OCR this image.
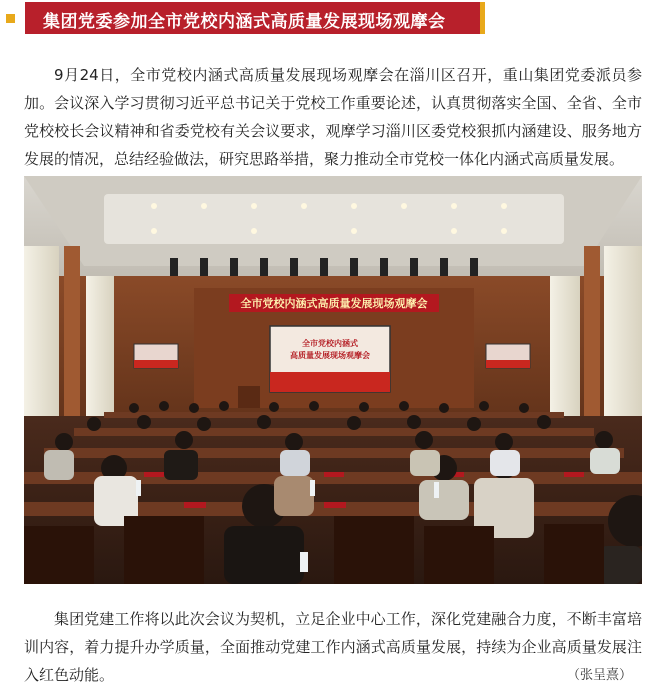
集团党委参加全市党校内涵式高质量发展现场观摩会

9月24日，全市党校内涵式高质量发展现场观摩会在淄川区召开，重山集团党委派员参加。会议深入学习贯彻习近平总书记关于党校工作重要论述，认真贯彻落实全国、全省、全市党校校长会议精神和省委党校有关会议要求，观摩学习淄川区委党校狠抓内涵建设、服务地方发展的情况，总结经验做法，研究思路举措，聚力推动全市党校一体化内涵式高质量发展。

全市党校内涵式高质量发展现场观摩会
全市党校内涵式
高质量发展现场观摩会

集团党建工作将以此次会议为契机，立足企业中心工作，深化党建融合力度，不断丰富培训内容，着力提升办学质量，全面推动党建工作内涵式高质量发展，持续为企业高质量发展注入红色动能。	（张呈熹）
